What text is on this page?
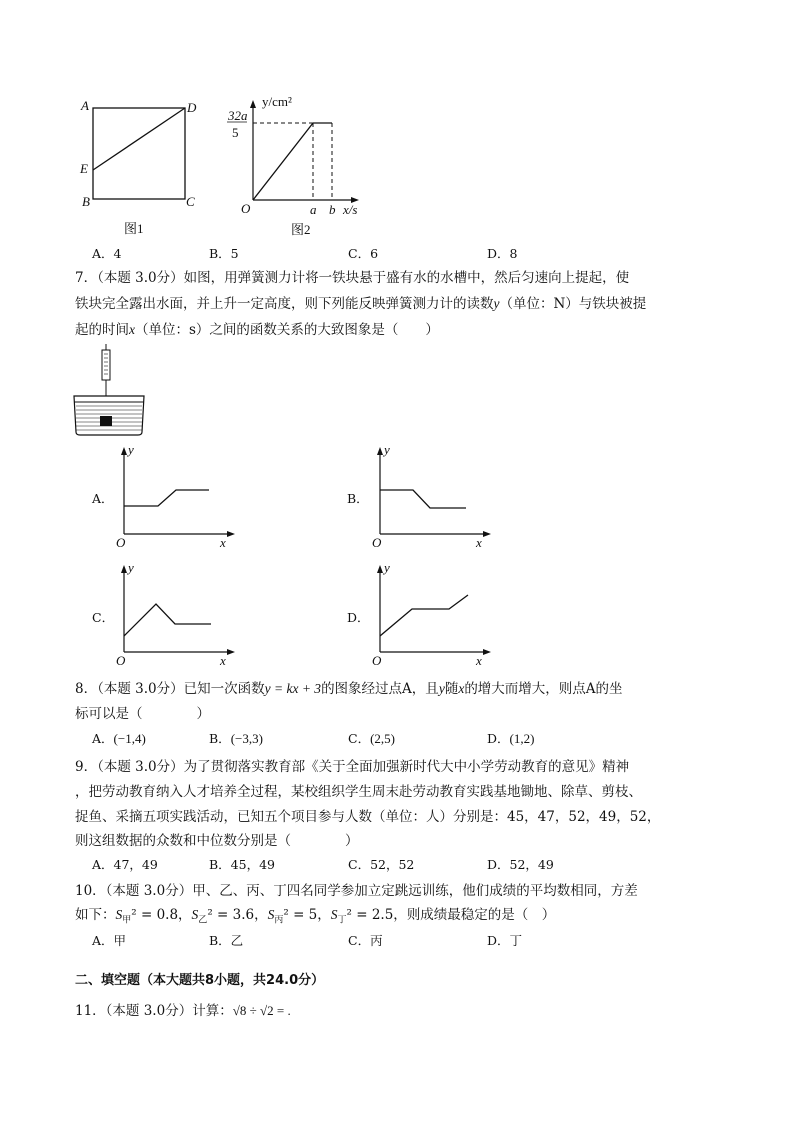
A	D
E
B	C
图1
y/cm²
32a
5
O	a b x/s
图2
A．4	B．5	C．6	D．8
7．（本题 3.0分）如图，用弹簧测力计将一铁块悬于盛有水的水槽中，然后匀速向上提起，使
铁块完全露出水面，并上升一定高度，则下列能反映弹簧测力计的读数y（单位：N）与铁块被提
起的时间x（单位：s）之间的函数关系的大致图象是（　　）
A．
y
O	x
B．
y
O	x
C．
y
O	x
D．
y
O	x
8．（本题 3.0分）已知一次函数y = kx + 3的图象经过点A，且y随x的增大而增大，则点A的坐
标可以是（　　　　）
A．(−1,4)	B．(−3,3)	C．(2,5)	D．(1,2)
9．（本题 3.0分）为了贯彻落实教育部《关于全面加强新时代大中小学劳动教育的意见》精神
，把劳动教育纳入人才培养全过程，某校组织学生周末赴劳动教育实践基地锄地、除草、剪枝、
捉鱼、采摘五项实践活动，已知五个项目参与人数（单位：人）分别是：45，47，52，49，52，
则这组数据的众数和中位数分别是（　　　　）
A．47，49	B．45，49	C．52，52	D．52，49
10．（本题 3.0分）甲、乙、丙、丁四名同学参加立定跳远训练，他们成绩的平均数相同，方差
如下：$S_甲^2 = 0.8$，$S_乙^2 = 3.6$，$S_丙^2 = 5$，$S_丁^2 = 2.5$，则成绩最稳定的是（　）
A．甲	B．乙	C．丙	D．丁
二、填空题（本大题共8小题，共24.0分）
11．（本题 3.0分）计算：√8 ÷ √2 = .
